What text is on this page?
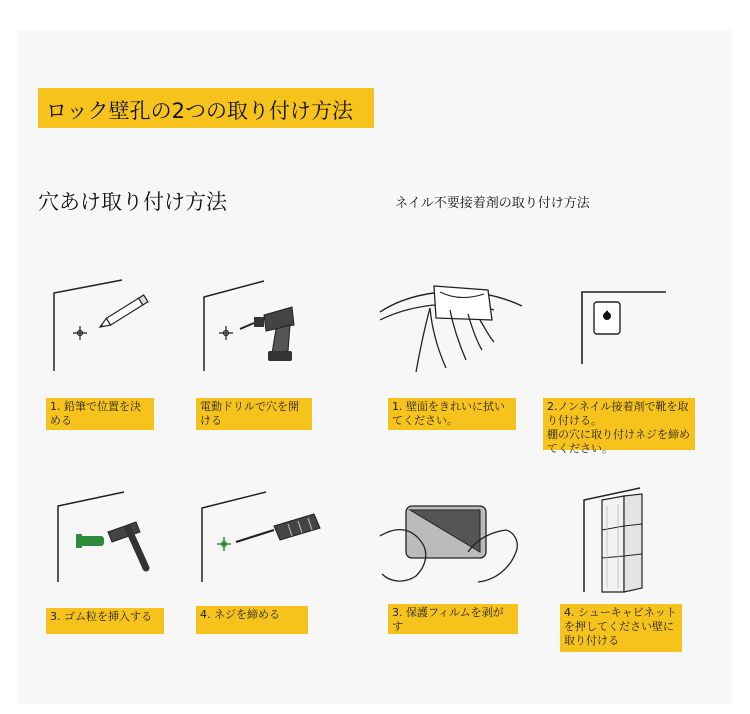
ロック壁孔の2つの取り付け方法
穴あけ取り付け方法	ネイル不要接着剤の取り付け方法
1. 鉛筆で位置を決める
電動ドリルで穴を開ける
1. 壁面をきれいに拭いてください。
2.ノンネイル接着剤で靴を取り付ける。
棚の穴に取り付けネジを締めてください。
3. ゴム粒を挿入する	4. ネジを締める	3. 保護フィルムを剥がす
4. シューキャビネットを押してください壁に取り付ける
